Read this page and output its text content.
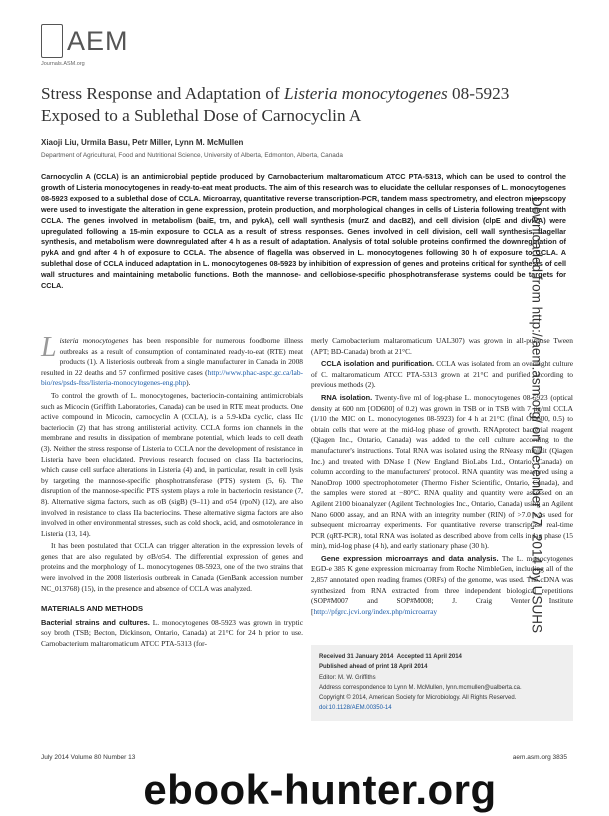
AEM
Journals.ASM.org
Stress Response and Adaptation of Listeria monocytogenes 08-5923 Exposed to a Sublethal Dose of Carnocyclin A
Xiaoji Liu, Urmila Basu, Petr Miller, Lynn M. McMullen
Department of Agricultural, Food and Nutritional Science, University of Alberta, Edmonton, Alberta, Canada

Carnocyclin A (CCLA) is an antimicrobial peptide produced by Carnobacterium maltaromaticum ATCC PTA-5313, which can be used to control the growth of Listeria monocytogenes in ready-to-eat meat products. The aim of this research was to elucidate the cellular responses of L. monocytogenes 08-5923 exposed to a sublethal dose of CCLA. Microarray, quantitative reverse transcription-PCR, tandem mass spectrometry, and electron microscopy were used to investigate the alteration in gene expression, protein production, and morphological changes in cells of Listeria following treatment with CCLA. The genes involved in metabolism (baiE, trn, and pykA), cell wall synthesis (murZ and dacB2), and cell division (clpE and divIVA) were upregulated following a 15-min exposure to CCLA as a result of stress responses. Genes involved in cell division, cell wall synthesis, flagellar synthesis, and metabolism were downregulated after 4 h as a result of adaptation. Analysis of total soluble proteins confirmed the downregulation of pykA and gnd after 4 h of exposure to CCLA. The absence of flagella was observed in L. monocytogenes following 30 h of exposure to CCLA. A sublethal dose of CCLA induced adaptation in L. monocytogenes 08-5923 by inhibition of expression of genes and proteins critical for synthesis of cell wall structures and maintaining metabolic functions. Both the mannose- and cellobiose-specific phosphotransferase systems could be targets for CCLA.

Listeria monocytogenes has been responsible for numerous foodborne illness outbreaks as a result of consumption of contaminated ready-to-eat (RTE) meat products (1). A listeriosis outbreak from a single manufacturer in Canada in 2008 resulted in 22 deaths and 57 confirmed positive cases (http://www.phac-aspc.gc.ca/lab-bio/res/psds-ftss/listeria-monocytogenes-eng.php).

To control the growth of L. monocytogenes, bacteriocin-containing antimicrobials such as Micocin (Griffith Laboratories, Canada) can be used in RTE meat products. One active compound in Micocin, carnocyclin A (CCLA), is a 5.9-kDa cyclic, class IIc bacteriocin (2) that has strong antilisterial activity. CCLA forms ion channels in the membrane and results in dissipation of membrane potential, which leads to cell death (3). Neither the stress response of Listeria to CCLA nor the development of resistance in Listeria have been elucidated. Previous research focused on class IIa bacteriocins, which cause cell surface alterations in Listeria (4) and, in particular, result in cell lysis by targeting the mannose-specific phosphotransferase (PTS) system (5, 6). The disruption of the mannose-specific PTS system plays a role in bacteriocin resistance (7, 8). Alternative sigma factors, such as σB (sigB) (9–11) and σ54 (rpoN) (12), are also involved in resistance to class IIa bacteriocins. These alternative sigma factors are also involved in other environmental stresses, such as cold shock, acid, and osmotolerance in Listeria (13, 14).

It has been postulated that CCLA can trigger alteration in the expression levels of genes that are also regulated by σB/σ54. The differential expression of genes and proteins and the morphology of L. monocytogenes 08-5923, one of the two strains that were involved in the 2008 listeriosis outbreak in Canada (GenBank accession number NC_013768) (15), in the presence and absence of CCLA was analyzed.

MATERIALS AND METHODS

Bacterial strains and cultures. L. monocytogenes 08-5923 was grown in tryptic soy broth (TSB; Becton, Dickinson, Ontario, Canada) at 21°C for 24 h prior to use. Carnobacterium maltaromaticum ATCC PTA-5313 (for-

merly Carnobacterium maltaromaticum UAL307) was grown in all-purpose Tween (APT; BD-Canada) broth at 21°C.

CCLA isolation and purification. CCLA was isolated from an overnight culture of C. maltaromaticum ATCC PTA-5313 grown at 21°C and purified according to previous methods (2).

RNA isolation. Twenty-five ml of log-phase L. monocytogenes 08-5923 (optical density at 600 nm [OD600] of 0.2) was grown in TSB or in TSB with 7 μg/ml CCLA (1/10 the MIC on L. monocytogenes 08-5923) for 4 h at 21°C (final OD600, 0.5) to obtain cells that were at the mid-log phase of growth. RNAprotect bacterial reagent (Qiagen Inc., Ontario, Canada) was added to the cell culture according to the manufacturer's instructions. Total RNA was isolated using the RNeasy minikit (Qiagen Inc.) and treated with DNase I (New England BioLabs Ltd., Ontario, Canada) on column according to the manufacturers' protocol. RNA quantity was measured using a NanoDrop 1000 spectrophotometer (Thermo Fisher Scientific, Ontario, Canada), and the samples were stored at −80°C. RNA quality and quantity were assessed on an Agilent 2100 bioanalyzer (Agilent Technologies Inc., Ontario, Canada) using an Agilent Nano 6000 assay, and an RNA with an integrity number (RIN) of >7.0 was used for subsequent microarray experiments. For quantitative reverse transcriptase real-time PCR (qRT-PCR), total RNA was isolated as described above from cells in lag phase (15 min), mid-log phase (4 h), and early stationary phase (30 h).

Gene expression microarrays and data analysis. The L. monocytogenes EGD-e 385 K gene expression microarray from Roche NimbleGen, including all of the 2,857 annotated open reading frames (ORFs) of the genome, was used. The cDNA was synthesized from RNA extracted from three independent biological repetitions (SOP#M007 and SOP#M008; J. Craig Venter Institute [http://pfgrc.jcvi.org/index.php/microarray

Received 31 January 2014 Accepted 11 April 2014
Published ahead of print 18 April 2014
Editor: M. W. Griffiths
Address correspondence to Lynn M. McMullen, lynn.mcmullen@ualberta.ca.
Copyright © 2014, American Society for Microbiology. All Rights Reserved.
doi:10.1128/AEM.00350-14
July 2014 Volume 80 Number 13	aem.asm.org 3835
Downloaded from http://aem.asm.org/ on December 27, 2014 by USUHS
ebook-hunter.org
